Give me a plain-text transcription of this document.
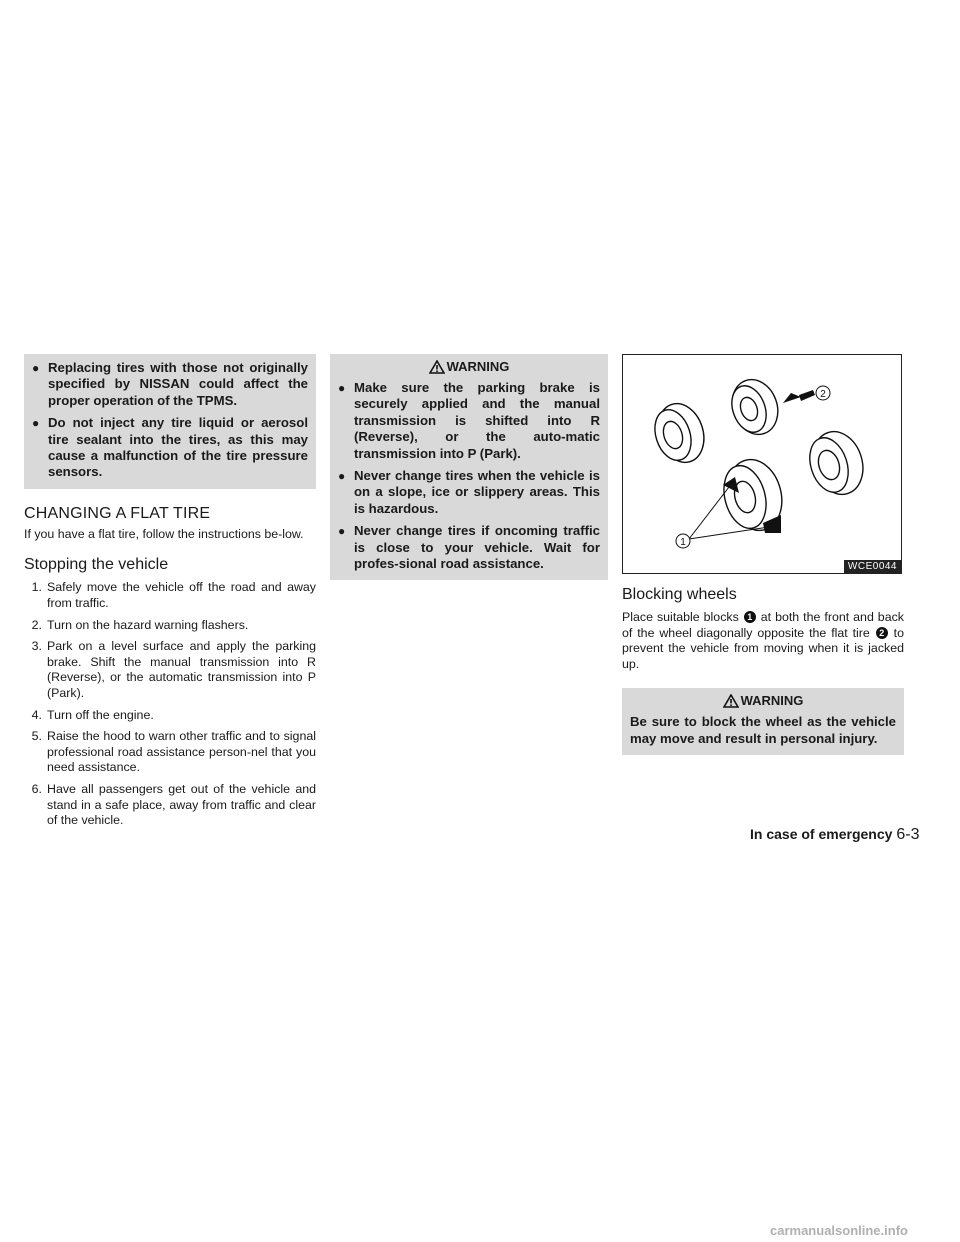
● Replacing tires with those not originally specified by NISSAN could affect the proper operation of the TPMS.
● Do not inject any tire liquid or aerosol tire sealant into the tires, as this may cause a malfunction of the tire pressure sensors.
CHANGING A FLAT TIRE

If you have a flat tire, follow the instructions be-low.

Stopping the vehicle
1. Safely move the vehicle off the road and away from traffic.
2. Turn on the hazard warning flashers.
3. Park on a level surface and apply the parking brake. Shift the manual transmission into R (Reverse), or the automatic transmission into P (Park).
4. Turn off the engine.
5. Raise the hood to warn other traffic and to signal professional road assistance person-nel that you need assistance.
6. Have all passengers get out of the vehicle and stand in a safe place, away from traffic and clear of the vehicle.
WARNING
● Make sure the parking brake is securely applied and the manual transmission is shifted into R (Reverse), or the auto-matic transmission into P (Park).
● Never change tires when the vehicle is on a slope, ice or slippery areas. This is hazardous.
● Never change tires if oncoming traffic is close to your vehicle. Wait for profes-sional road assistance.
1
2
WCE0044
Blocking wheels

Place suitable blocks 1 at both the front and back of the wheel diagonally opposite the flat tire 2 to prevent the vehicle from moving when it is jacked up.

WARNING
Be sure to block the wheel as the vehicle may move and result in personal injury.
In case of emergency 6-3
carmanualsonline.info
